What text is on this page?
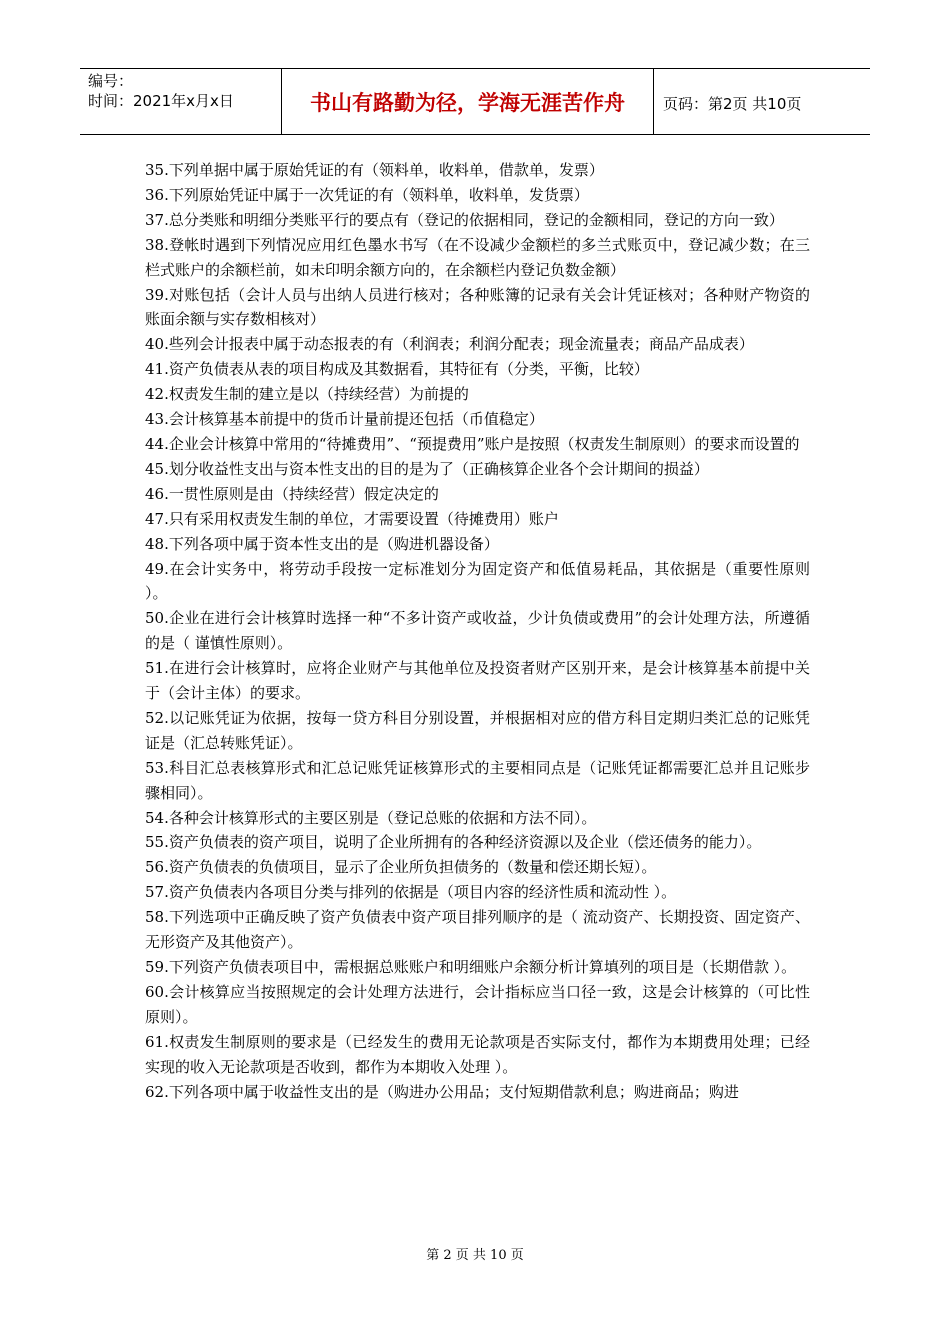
编号：
时间：2021年x月x日	书山有路勤为径，学海无涯苦作舟	页码：第2页 共10页

35.下列单据中属于原始凭证的有（领料单，收料单，借款单，发票）

36.下列原始凭证中属于一次凭证的有（领料单，收料单，发货票）

37.总分类账和明细分类账平行的要点有（登记的依据相同，登记的金额相同，登记的方向一致）

38.登帐时遇到下列情况应用红色墨水书写（在不设减少金额栏的多兰式账页中，登记减少数；在三栏式账户的余额栏前，如未印明余额方向的，在余额栏内登记负数金额）

39.对账包括（会计人员与出纳人员进行核对；各种账簿的记录有关会计凭证核对；各种财产物资的账面余额与实存数相核对）

40.些列会计报表中属于动态报表的有（利润表；利润分配表；现金流量表；商品产品成表）

41.资产负债表从表的项目构成及其数据看，其特征有（分类，平衡，比较）

42.权责发生制的建立是以（持续经营）为前提的

43.会计核算基本前提中的货币计量前提还包括（币值稳定）

44.企业会计核算中常用的“待摊费用”、“预提费用”账户是按照（权责发生制原则）的要求而设置的

45.划分收益性支出与资本性支出的目的是为了（正确核算企业各个会计期间的损益）

46.一贯性原则是由（持续经营）假定决定的

47.只有采用权责发生制的单位，才需要设置（待摊费用）账户

48.下列各项中属于资本性支出的是（购进机器设备）

49.在会计实务中，将劳动手段按一定标准划分为固定资产和低值易耗品，其依据是（重要性原则 ）。

50.企业在进行会计核算时选择一种“不多计资产或收益，少计负债或费用”的会计处理方法，所遵循的是（ 谨慎性原则）。

51.在进行会计核算时，应将企业财产与其他单位及投资者财产区别开来，是会计核算基本前提中关于（会计主体）的要求。

52.以记账凭证为依据，按每一贷方科目分别设置，并根据相对应的借方科目定期归类汇总的记账凭证是（汇总转账凭证）。

53.科目汇总表核算形式和汇总记账凭证核算形式的主要相同点是（记账凭证都需要汇总并且记账步骤相同）。

54.各种会计核算形式的主要区别是（登记总账的依据和方法不同）。

55.资产负债表的资产项目，说明了企业所拥有的各种经济资源以及企业（偿还债务的能力）。

56.资产负债表的负债项目，显示了企业所负担债务的（数量和偿还期长短）。

57.资产负债表内各项目分类与排列的依据是（项目内容的经济性质和流动性 ）。

58.下列选项中正确反映了资产负债表中资产项目排列顺序的是（ 流动资产、长期投资、固定资产、无形资产及其他资产）。

59.下列资产负债表项目中，需根据总账账户和明细账户余额分析计算填列的项目是（长期借款 ）。

60.会计核算应当按照规定的会计处理方法进行，会计指标应当口径一致，这是会计核算的（可比性原则）。

61.权责发生制原则的要求是（已经发生的费用无论款项是否实际支付，都作为本期费用处理；已经实现的收入无论款项是否收到，都作为本期收入处理 ）。

62.下列各项中属于收益性支出的是（购进办公用品；支付短期借款利息；购进商品；购进

第 2 页 共 10 页
